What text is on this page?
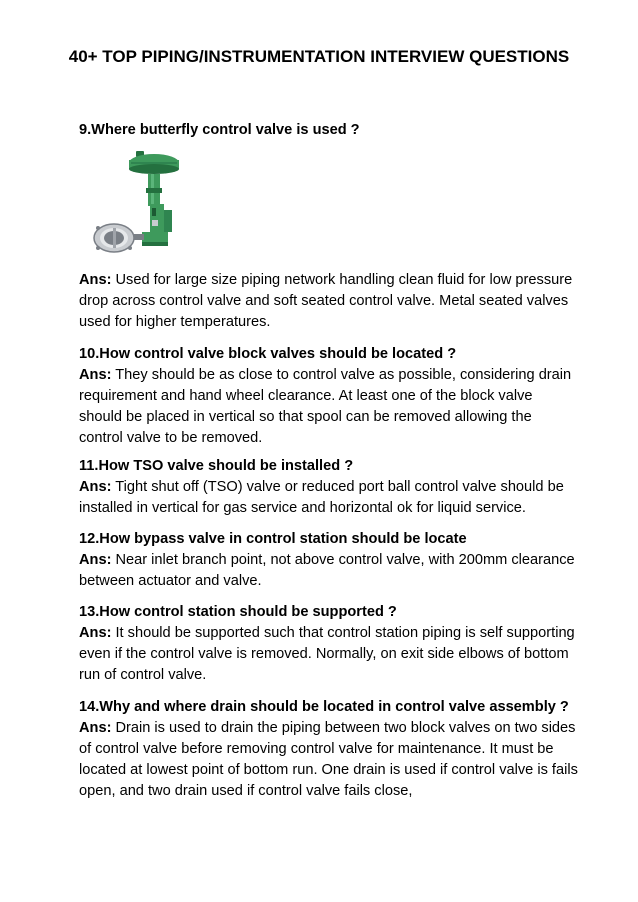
40+ TOP PIPING/INSTRUMENTATION INTERVIEW QUESTIONS

9.Where butterfly control valve is used ?

Ans: Used for large size piping network handling clean fluid for low pressure drop across control valve and soft seated control valve. Metal seated valves used for higher temperatures.

10.How control valve block valves should be located ?
Ans: They should be as close to control valve as possible, considering drain requirement and hand wheel clearance. At least one of the block valve should be placed in vertical so that spool can be removed allowing the control valve to be removed.

11.How TSO valve should be installed ?
Ans: Tight shut off (TSO) valve or reduced port ball control valve should be installed in vertical for gas service and horizontal ok for liquid service.

12.How bypass valve in control station should be locate
Ans: Near inlet branch point, not above control valve, with 200mm clearance between actuator and valve.

13.How control station should be supported ?
Ans: It should be supported such that control station piping is self supporting even if the control valve is removed. Normally, on exit side elbows of bottom run of control valve.

14.Why and where drain should be located in control valve assembly ?
Ans: Drain is used to drain the piping between two block valves on two sides of control valve before removing control valve for maintenance. It must be located at lowest point of bottom run. One drain is used if control valve is fails open, and two drain used if control valve fails close,
